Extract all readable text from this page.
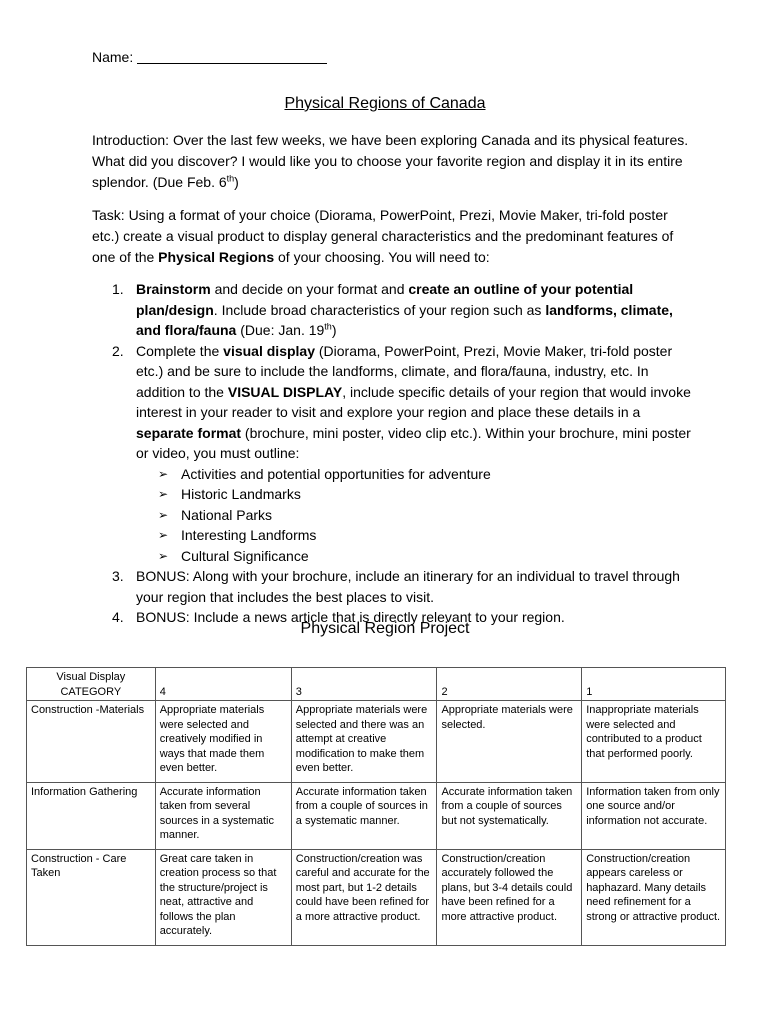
Name:
Physical Regions of Canada
Introduction: Over the last few weeks, we have been exploring Canada and its physical features. What did you discover? I would like you to choose your favorite region and display it in its entire splendor. (Due Feb. 6th)
Task: Using a format of your choice (Diorama, PowerPoint, Prezi, Movie Maker, tri-fold poster etc.) create a visual product to display general characteristics and the predominant features of one of the Physical Regions of your choosing. You will need to:
1. Brainstorm and decide on your format and create an outline of your potential plan/design. Include broad characteristics of your region such as landforms, climate, and flora/fauna (Due: Jan. 19th)
2. Complete the visual display (Diorama, PowerPoint, Prezi, Movie Maker, tri-fold poster etc.) and be sure to include the landforms, climate, and flora/fauna, industry, etc. In addition to the VISUAL DISPLAY, include specific details of your region that would invoke interest in your reader to visit and explore your region and place these details in a separate format (brochure, mini poster, video clip etc.). Within your brochure, mini poster or video, you must outline:
➢ Activities and potential opportunities for adventure
➢ Historic Landmarks
➢ National Parks
➢ Interesting Landforms
➢ Cultural Significance
3. BONUS: Along with your brochure, include an itinerary for an individual to travel through your region that includes the best places to visit.
4. BONUS: Include a news article that is directly relevant to your region.
Physical Region Project
Visual Display CATEGORY	4	3	2	1
Construction -Materials	Appropriate materials were selected and creatively modified in ways that made them even better.	Appropriate materials were selected and there was an attempt at creative modification to make them even better.	Appropriate materials were selected.	Inappropriate materials were selected and contributed to a product that performed poorly.
Information Gathering	Accurate information taken from several sources in a systematic manner.	Accurate information taken from a couple of sources in a systematic manner.	Accurate information taken from a couple of sources but not systematically.	Information taken from only one source and/or information not accurate.
Construction - Care Taken	Great care taken in creation process so that the structure/project is neat, attractive and follows the plan accurately.	Construction/creation was careful and accurate for the most part, but 1-2 details could have been refined for a more attractive product.	Construction/creation accurately followed the plans, but 3-4 details could have been refined for a more attractive product.	Construction/creation appears careless or haphazard. Many details need refinement for a strong or attractive product.
